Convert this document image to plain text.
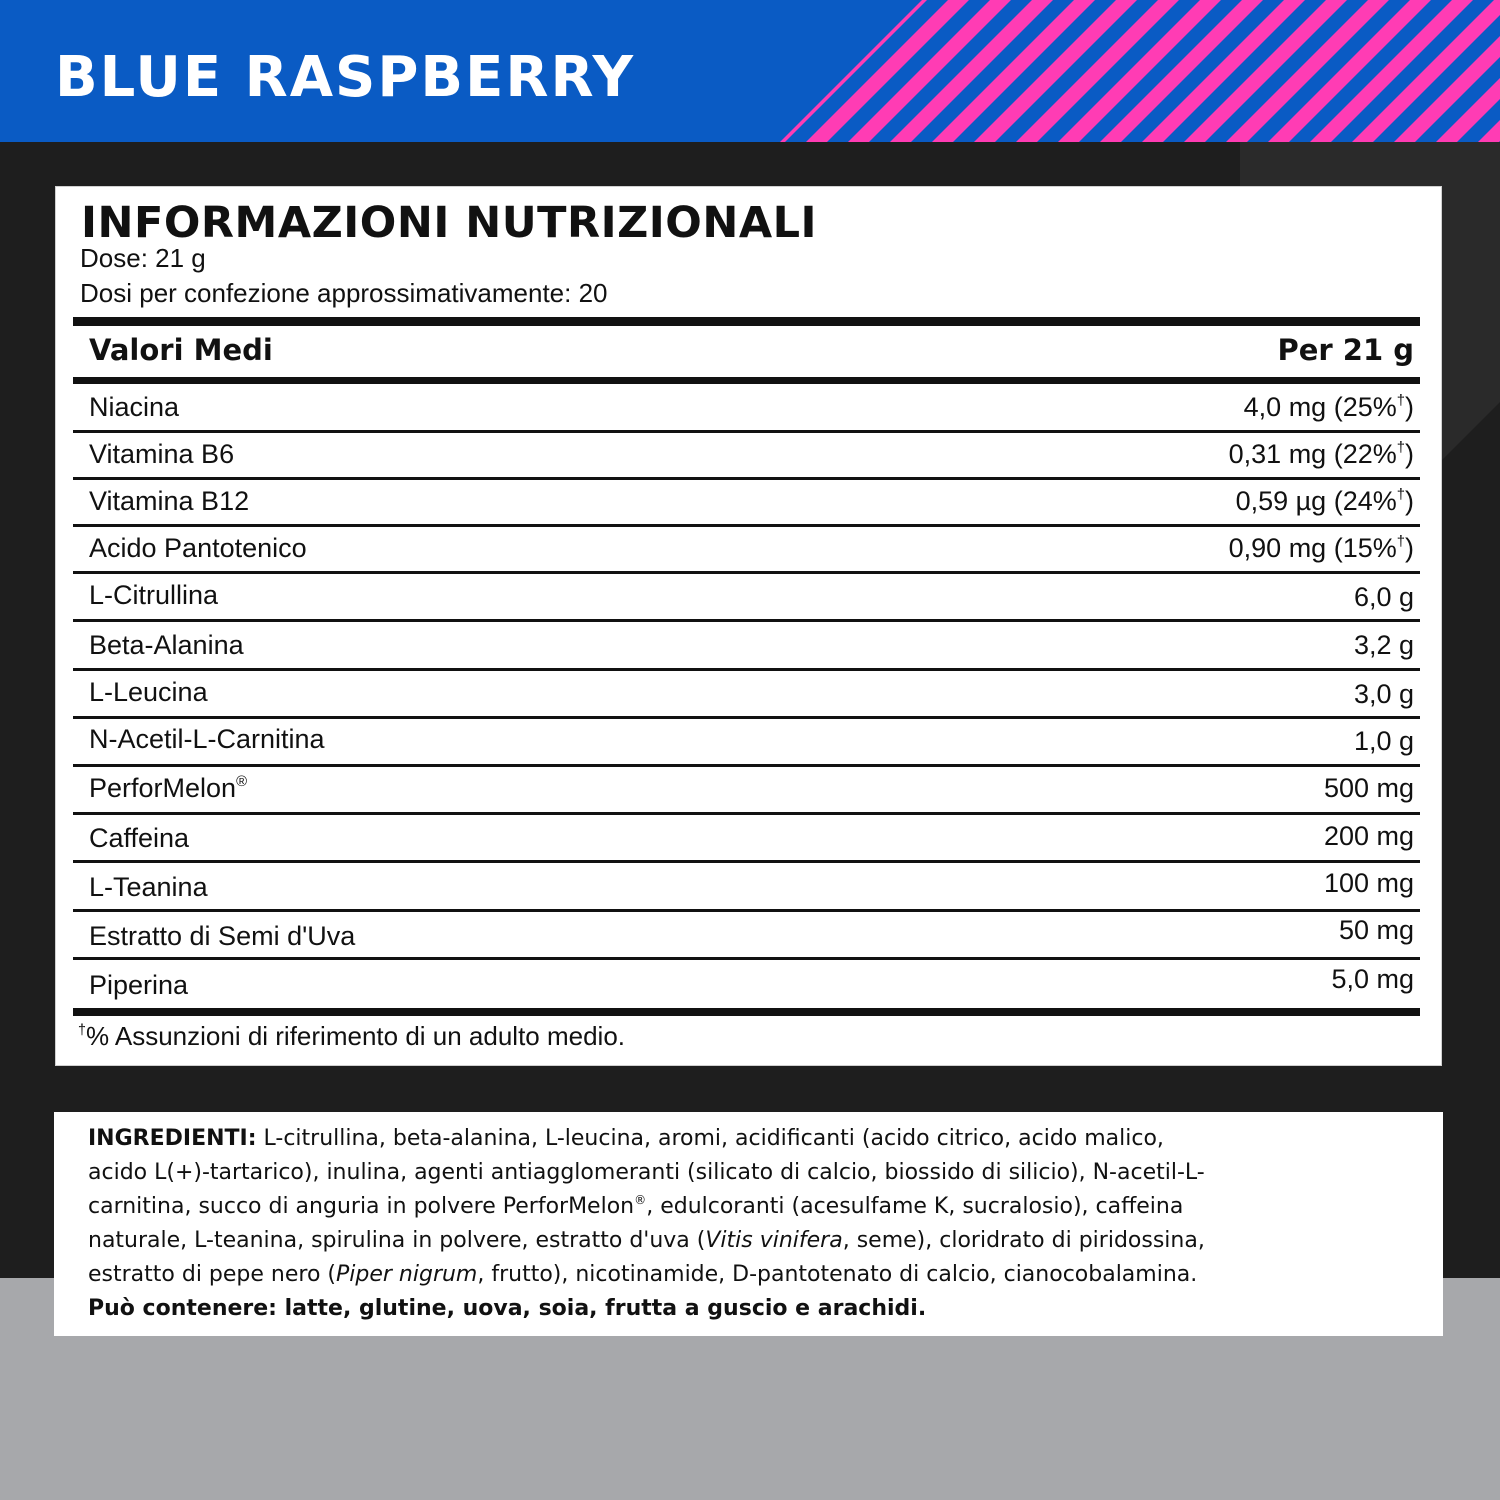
BLUE RASPBERRY
INFORMAZIONI NUTRIZIONALI
Dose: 21 g
Dosi per confezione approssimativamente: 20
Valori Medi	Per 21 g
Niacina	4,0 mg (25%†)
Vitamina B6	0,31 mg (22%†)
Vitamina B12	0,59 µg (24%†)
Acido Pantotenico	0,90 mg (15%†)
L-Citrullina	6,0 g
Beta-Alanina	3,2 g
L-Leucina	3,0 g
N-Acetil-L-Carnitina	1,0 g
PerforMelon®	500 mg
Caffeina	200 mg
L-Teanina	100 mg
Estratto di Semi d'Uva	50 mg
Piperina	5,0 mg
†% Assunzioni di riferimento di un adulto medio.

INGREDIENTI: L-citrullina, beta-alanina, L-leucina, aromi, acidificanti (acido citrico, acido malico,
acido L(+)-tartarico), inulina, agenti antiagglomeranti (silicato di calcio, biossido di silicio), N-acetil-L-
carnitina, succo di anguria in polvere PerforMelon®, edulcoranti (acesulfame K, sucralosio), caffeina
naturale, L-teanina, spirulina in polvere, estratto d'uva (Vitis vinifera, seme), cloridrato di piridossina,
estratto di pepe nero (Piper nigrum, frutto), nicotinamide, D-pantotenato di calcio, cianocobalamina.
Può contenere: latte, glutine, uova, soia, frutta a guscio e arachidi.
